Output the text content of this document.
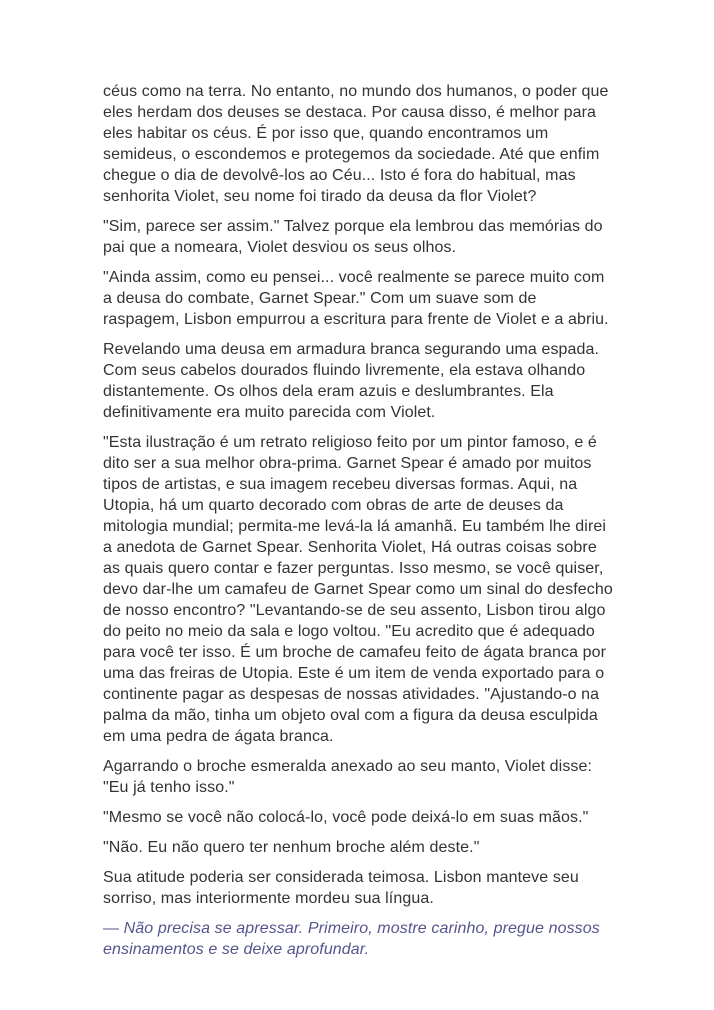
céus como na terra. No entanto, no mundo dos humanos, o poder que eles herdam dos deuses se destaca. Por causa disso, é melhor para eles habitar os céus. É por isso que, quando encontramos um semideus, o escondemos e protegemos da sociedade. Até que enfim chegue o dia de devolvê-los ao Céu... Isto é fora do habitual, mas senhorita Violet, seu nome foi tirado da deusa da flor Violet?

"Sim, parece ser assim." Talvez porque ela lembrou das memórias do pai que a nomeara, Violet desviou os seus olhos.

"Ainda assim, como eu pensei... você realmente se parece muito com a deusa do combate, Garnet Spear." Com um suave som de raspagem, Lisbon empurrou a escritura para frente de Violet e a abriu.

Revelando uma deusa em armadura branca segurando uma espada. Com seus cabelos dourados fluindo livremente, ela estava olhando distantemente. Os olhos dela eram azuis e deslumbrantes. Ela definitivamente era muito parecida com Violet.

"Esta ilustração é um retrato religioso feito por um pintor famoso, e é dito ser a sua melhor obra-prima. Garnet Spear é amado por muitos tipos de artistas, e sua imagem recebeu diversas formas. Aqui, na Utopia, há um quarto decorado com obras de arte de deuses da mitologia mundial; permita-me levá-la lá amanhã. Eu também lhe direi a anedota de Garnet Spear. Senhorita Violet, Há outras coisas sobre as quais quero contar e fazer perguntas. Isso mesmo, se você quiser, devo dar-lhe um camafeu de Garnet Spear como um sinal do desfecho de nosso encontro? "Levantando-se de seu assento, Lisbon tirou algo do peito no meio da sala e logo voltou. "Eu acredito que é adequado para você ter isso. É um broche de camafeu feito de ágata branca por uma das freiras de Utopia. Este é um item de venda exportado para o continente pagar as despesas de nossas atividades. "Ajustando-o na palma da mão, tinha um objeto oval com a figura da deusa esculpida em uma pedra de ágata branca.

Agarrando o broche esmeralda anexado ao seu manto, Violet disse: "Eu já tenho isso."

"Mesmo se você não colocá-lo, você pode deixá-lo em suas mãos."

"Não. Eu não quero ter nenhum broche além deste."

Sua atitude poderia ser considerada teimosa. Lisbon manteve seu sorriso, mas interiormente mordeu sua língua.

— Não precisa se apressar. Primeiro, mostre carinho, pregue nossos ensinamentos e se deixe aprofundar.
